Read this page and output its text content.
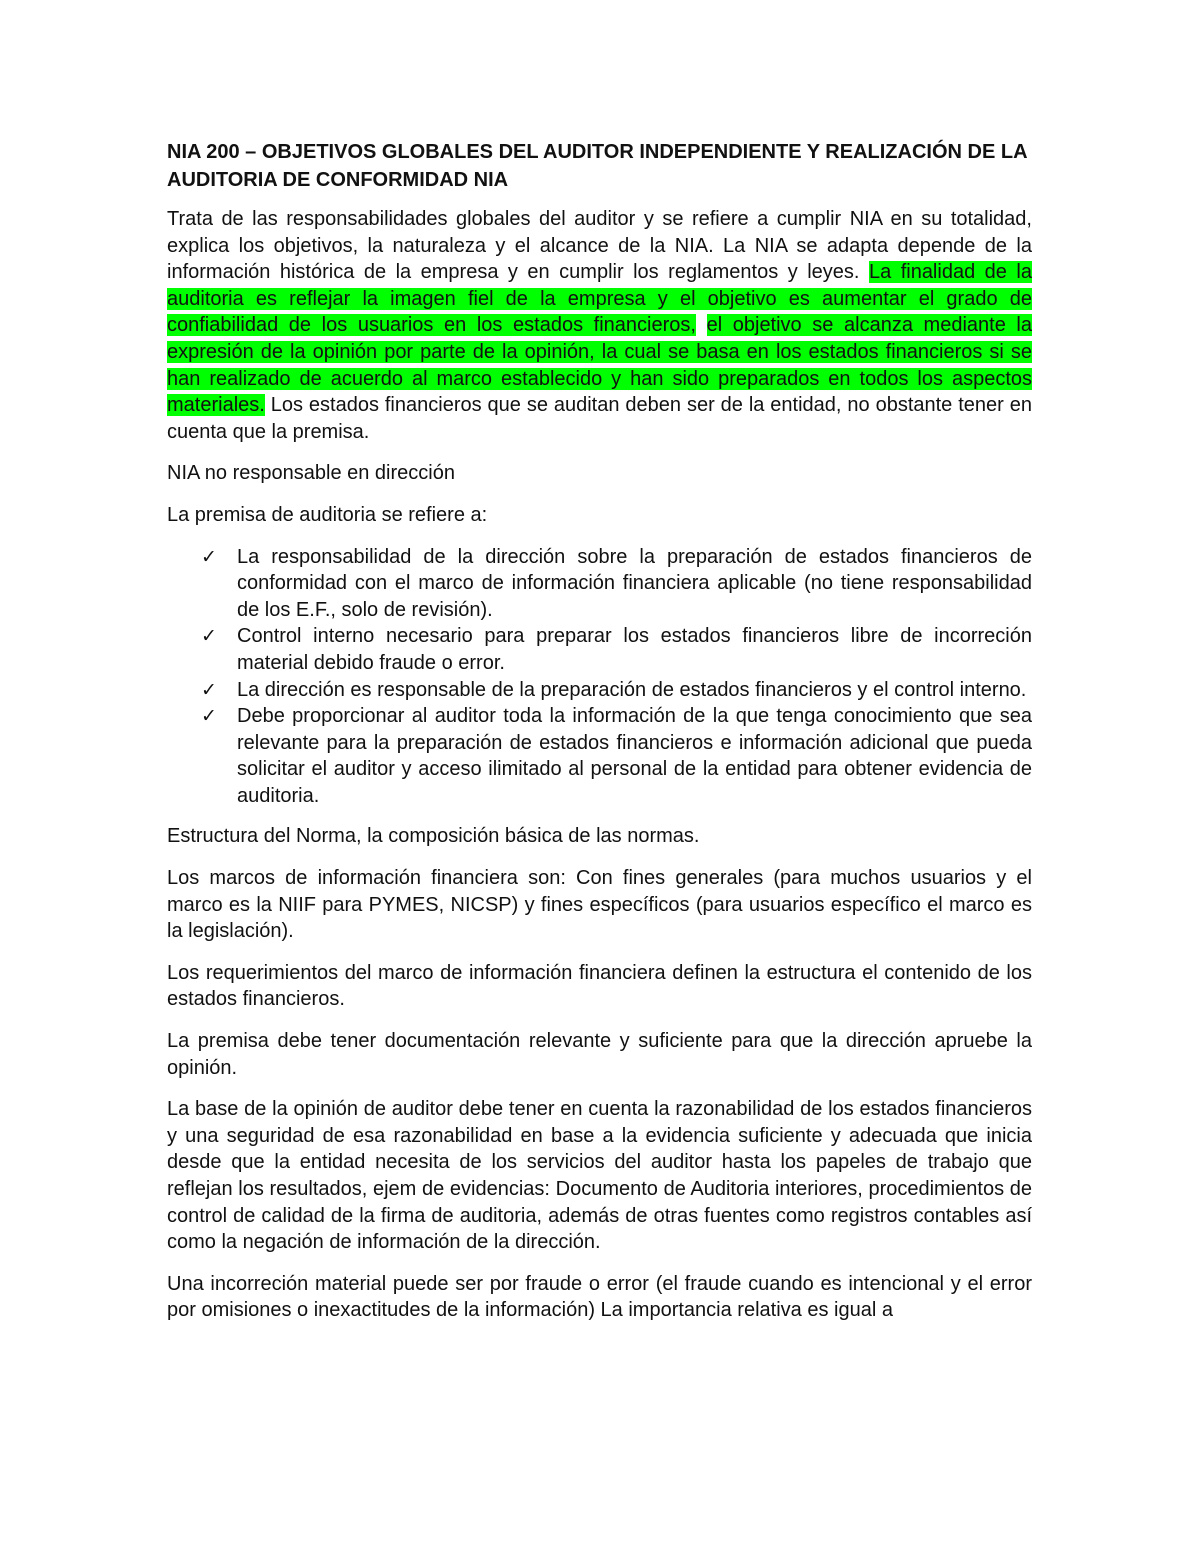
NIA 200 – OBJETIVOS GLOBALES DEL AUDITOR INDEPENDIENTE Y REALIZACIÓN DE LA AUDITORIA DE CONFORMIDAD NIA

Trata de las responsabilidades globales del auditor y se refiere a cumplir NIA en su totalidad, explica los objetivos, la naturaleza y el alcance de la NIA. La NIA se adapta depende de la información histórica de la empresa y en cumplir los reglamentos y leyes. La finalidad de la auditoria es reflejar la imagen fiel de la empresa y el objetivo es aumentar el grado de confiabilidad de los usuarios en los estados financieros, el objetivo se alcanza mediante la expresión de la opinión por parte de la opinión, la cual se basa en los estados financieros si se han realizado de acuerdo al marco establecido y han sido preparados en todos los aspectos materiales. Los estados financieros que se auditan deben ser de la entidad, no obstante tener en cuenta que la premisa.

NIA no responsable en dirección

La premisa de auditoria se refiere a:

✓ La responsabilidad de la dirección sobre la preparación de estados financieros de conformidad con el marco de información financiera aplicable (no tiene responsabilidad de los E.F., solo de revisión).
✓ Control interno necesario para preparar los estados financieros libre de incorreción material debido fraude o error.
✓ La dirección es responsable de la preparación de estados financieros y el control interno.
✓ Debe proporcionar al auditor toda la información de la que tenga conocimiento que sea relevante para la preparación de estados financieros e información adicional que pueda solicitar el auditor y acceso ilimitado al personal de la entidad para obtener evidencia de auditoria.

Estructura del Norma, la composición básica de las normas.

Los marcos de información financiera son: Con fines generales (para muchos usuarios y el marco es la NIIF para PYMES, NICSP) y fines específicos (para usuarios específico el marco es la legislación).

Los requerimientos del marco de información financiera definen la estructura el contenido de los estados financieros.

La premisa debe tener documentación relevante y suficiente para que la dirección apruebe la opinión.

La base de la opinión de auditor debe tener en cuenta la razonabilidad de los estados financieros y una seguridad de esa razonabilidad en base a la evidencia suficiente y adecuada que inicia desde que la entidad necesita de los servicios del auditor hasta los papeles de trabajo que reflejan los resultados, ejem de evidencias: Documento de Auditoria interiores, procedimientos de control de calidad de la firma de auditoria, además de otras fuentes como registros contables así como la negación de información de la dirección.

Una incorreción material puede ser por fraude o error (el fraude cuando es intencional y el error por omisiones o inexactitudes de la información) La importancia relativa es igual a
